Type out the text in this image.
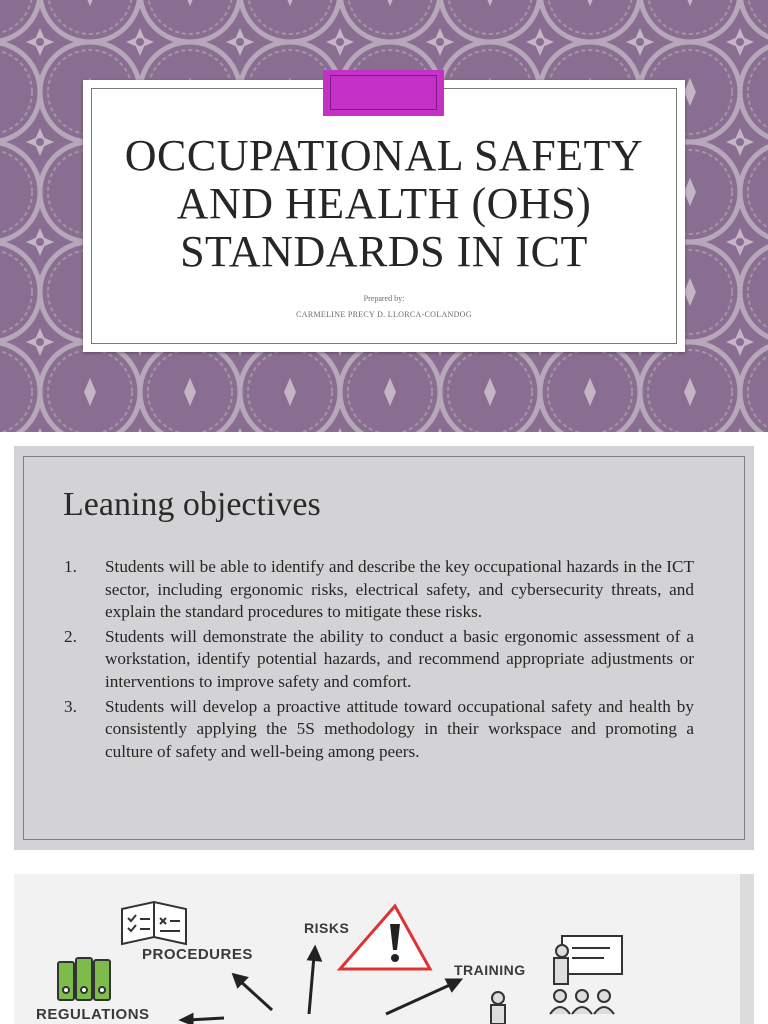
OCCUPATIONAL SAFETY AND HEALTH (OHS) STANDARDS IN ICT
Prepared by:
CARMELINE PRECY D. LLORCA-COLANDOG
Leaning objectives
1. Students will be able to identify and describe the key occupational hazards in the ICT sector, including ergonomic risks, electrical safety, and cybersecurity threats, and explain the standard procedures to mitigate these risks.
2. Students will demonstrate the ability to conduct a basic ergonomic assessment of a workstation, identify potential hazards, and recommend appropriate adjustments or interventions to improve safety and comfort.
3. Students will develop a proactive attitude toward occupational safety and health by consistently applying the 5S methodology in their workspace and promoting a culture of safety and well-being among peers.
PROCEDURES
RISKS
TRAINING
REGULATIONS
